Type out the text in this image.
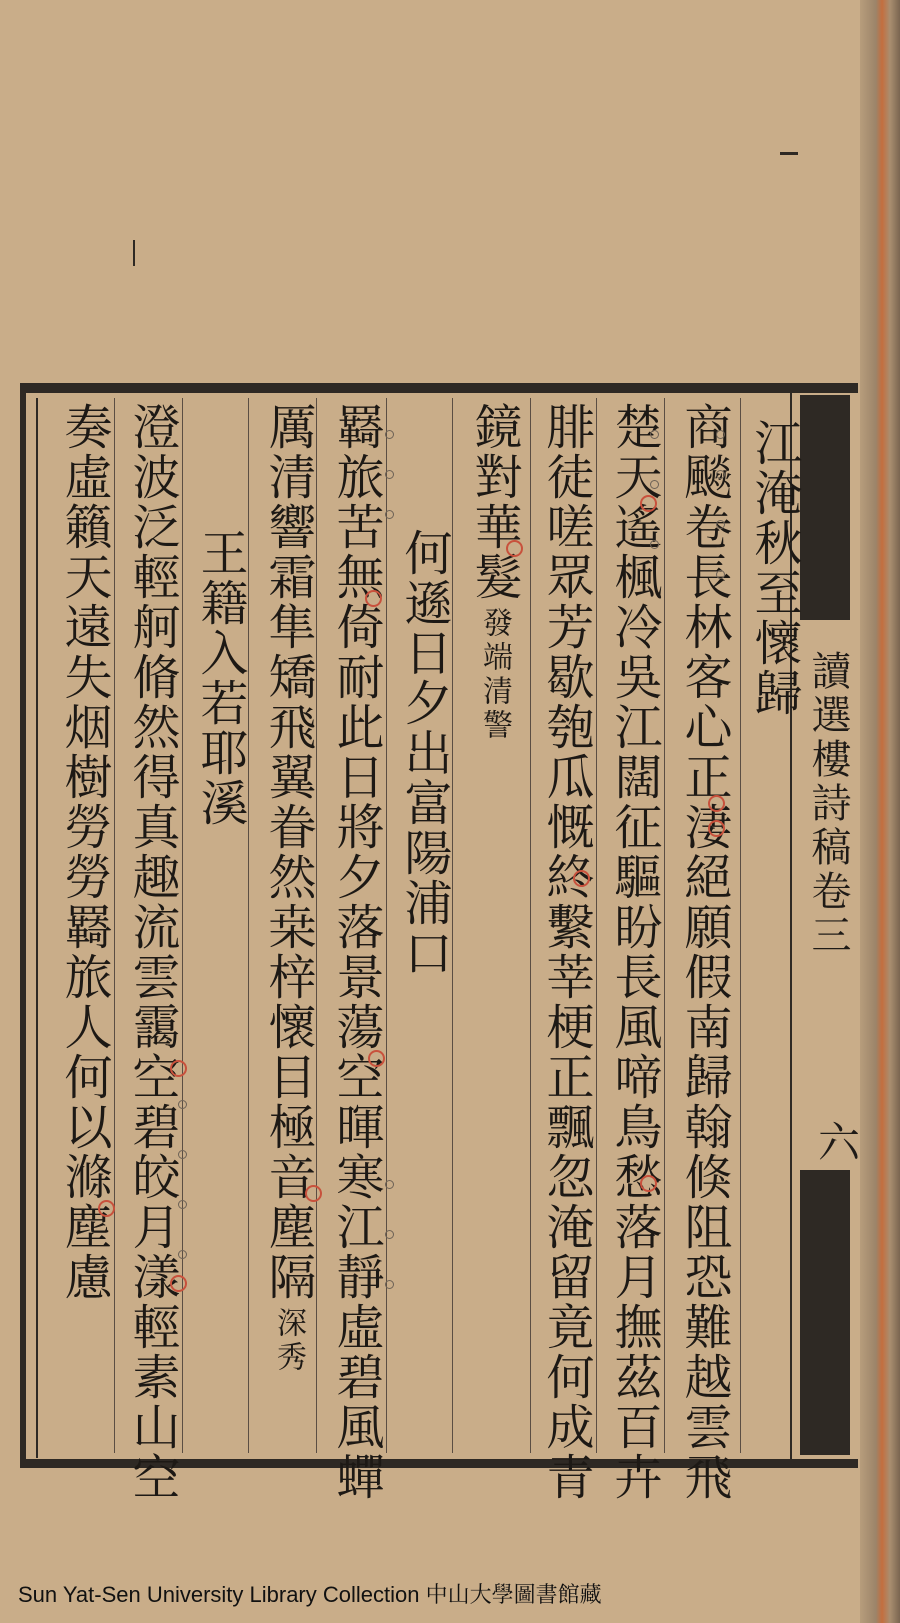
讀選樓詩稿卷三
六
江淹秋至懷歸
商飈卷長林客心正淒絕願假南歸翰倏阻恐難越雲飛
楚天遙楓冷吳江闊征驅盼長風啼鳥愁落月撫茲百卉
腓徒嗟眾芳歇匏瓜慨終繫莘梗正飄忽淹留竟何成青
鏡對華髮 發端清警
何遜日夕出富陽浦口
羇旅苦無倚耐此日將夕落景蕩空暉寒江靜虛碧風蟬
厲清響霜隼矯飛翼眷然桒梓懷目極音塵隔 深秀
王籍入若耶溪
澄波泛輕舸脩然得真趣流雲靄空碧皎月漾輕素山空
奏虛籟天遠失烟樹勞勞羇旅人何以滌塵慮
Sun Yat-Sen University Library Collection 中山大學圖書館藏
